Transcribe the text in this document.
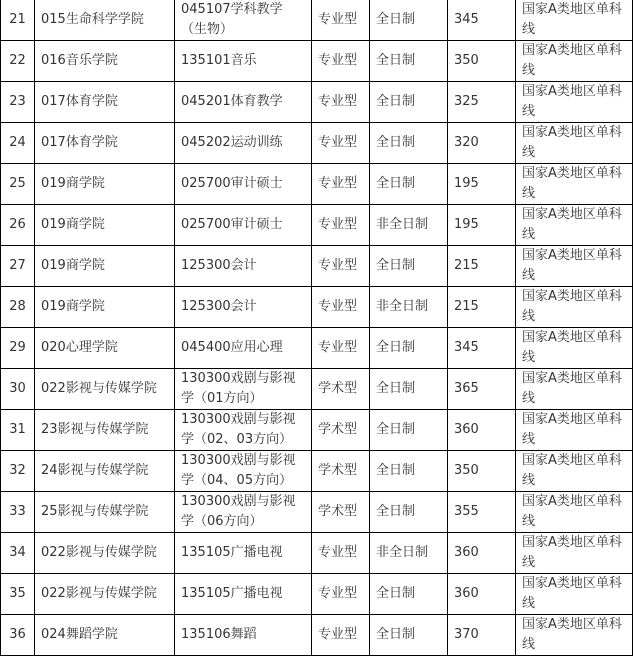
21	015生命科学学院	045107学科教学（生物）	专业型	全日制	345	国家A类地区单科线
22	016音乐学院	135101音乐	专业型	全日制	350	国家A类地区单科线
23	017体育学院	045201体育教学	专业型	全日制	325	国家A类地区单科线
24	017体育学院	045202运动训练	专业型	全日制	320	国家A类地区单科线
25	019商学院	025700审计硕士	专业型	全日制	195	国家A类地区单科线
26	019商学院	025700审计硕士	专业型	非全日制	195	国家A类地区单科线
27	019商学院	125300会计	专业型	全日制	215	国家A类地区单科线
28	019商学院	125300会计	专业型	非全日制	215	国家A类地区单科线
29	020心理学院	045400应用心理	专业型	全日制	345	国家A类地区单科线
30	022影视与传媒学院	130300戏剧与影视学（01方向）	学术型	全日制	365	国家A类地区单科线
31	23影视与传媒学院	130300戏剧与影视学（02、03方向）	学术型	全日制	360	国家A类地区单科线
32	24影视与传媒学院	130300戏剧与影视学（04、05方向）	学术型	全日制	350	国家A类地区单科线
33	25影视与传媒学院	130300戏剧与影视学（06方向）	学术型	全日制	355	国家A类地区单科线
34	022影视与传媒学院	135105广播电视	专业型	非全日制	360	国家A类地区单科线
35	022影视与传媒学院	135105广播电视	专业型	全日制	360	国家A类地区单科线
36	024舞蹈学院	135106舞蹈	专业型	全日制	370	国家A类地区单科线
